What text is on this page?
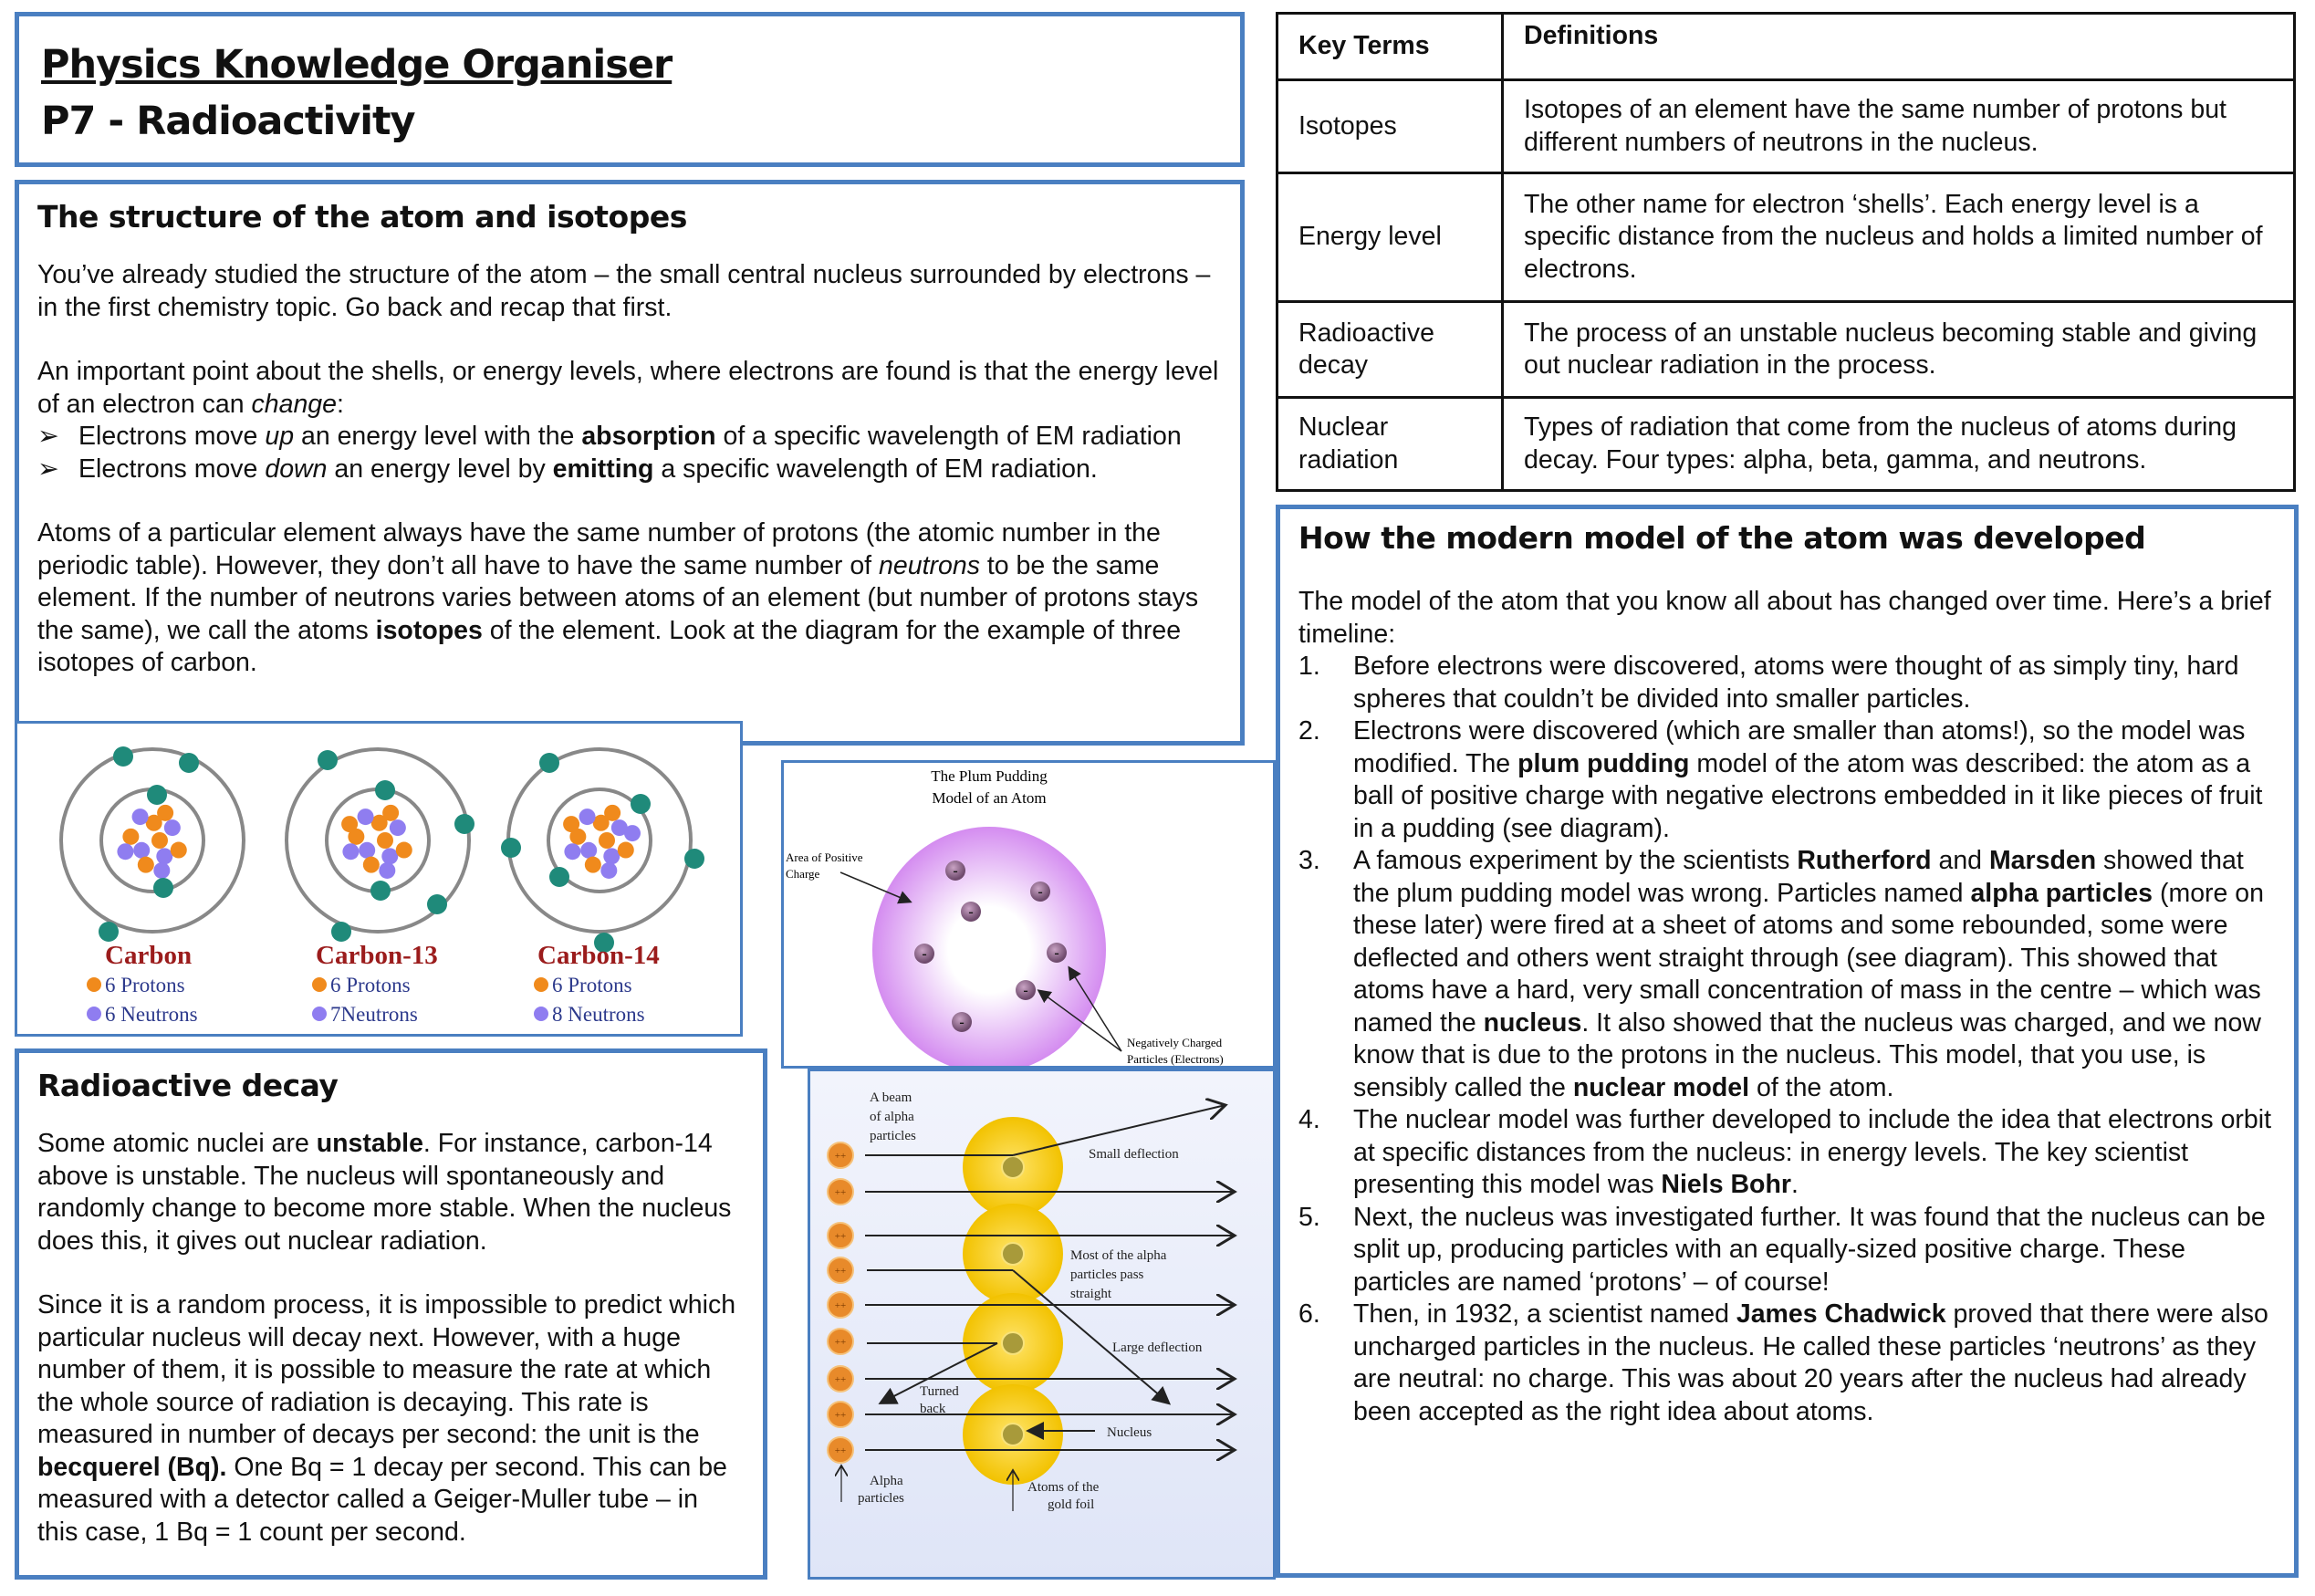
Physics Knowledge Organiser
P7 - Radioactivity
The structure of the atom and isotopes

You’ve already studied the structure of the atom – the small central nucleus surrounded by electrons – in the first chemistry topic. Go back and recap that first.

An important point about the shells, or energy levels, where electrons are found is that the energy level of an electron can change:
➢ Electrons move up an energy level with the absorption of a specific wavelength of EM radiation
➢ Electrons move down an energy level by emitting a specific wavelength of EM radiation.

Atoms of a particular element always have the same number of protons (the atomic number in the periodic table). However, they don’t all have to have the same number of neutrons to be the same element. If the number of neutrons varies between atoms of an element (but number of protons stays the same), we call the atoms isotopes of the element. Look at the diagram for the example of three isotopes of carbon.

Carbon
6 Protons
6 Neutrons
Carbon-13
6 Protons
7Neutrons
Carbon-14
6 Protons
8 Neutrons
The Plum Pudding
Model of an Atom
-
-
-
-	-
-
-
Area of Positive
Charge
Negatively Charged
Particles (Electrons)
++
++
++
++
++
++
++
++
++
A beam
of alpha
particles
Small deflection
Most of the alpha
particles pass
straight
Large deflection
Turned
back
Nucleus
Alpha
particles
Atoms of the
gold foil
Radioactive decay

Some atomic nuclei are unstable. For instance, carbon-14 above is unstable. The nucleus will spontaneously and randomly change to become more stable. When the nucleus does this, it gives out nuclear radiation.

Since it is a random process, it is impossible to predict which particular nucleus will decay next. However, with a huge number of them, it is possible to measure the rate at which the whole source of radiation is decaying. This rate is measured in number of decays per second: the unit is the becquerel (Bq). One Bq = 1 decay per second. This can be measured with a detector called a Geiger-Muller tube – in this case, 1 Bq = 1 count per second.

Key Terms	Definitions
Isotopes	Isotopes of an element have the same number of protons but different numbers of neutrons in the nucleus.
Energy level	The other name for electron ‘shells’. Each energy level is a specific distance from the nucleus and holds a limited number of electrons.
Radioactive decay	The process of an unstable nucleus becoming stable and giving out nuclear radiation in the process.
Nuclear radiation	Types of radiation that come from the nucleus of atoms during decay. Four types: alpha, beta, gamma, and neutrons.
How the modern model of the atom was developed
The model of the atom that you know all about has changed over time. Here’s a brief timeline:
1. Before electrons were discovered, atoms were thought of as simply tiny, hard spheres that couldn’t be divided into smaller particles.
2. Electrons were discovered (which are smaller than atoms!), so the model was modified. The plum pudding model of the atom was described: the atom as a ball of positive charge with negative electrons embedded in it like pieces of fruit in a pudding (see diagram).
3. A famous experiment by the scientists Rutherford and Marsden showed that the plum pudding model was wrong. Particles named alpha particles (more on these later) were fired at a sheet of atoms and some rebounded, some were deflected and others went straight through (see diagram). This showed that atoms have a hard, very small concentration of mass in the centre – which was named the nucleus. It also showed that the nucleus was charged, and we now know that is due to the protons in the nucleus. This model, that you use, is sensibly called the nuclear model of the atom.
4. The nuclear model was further developed to include the idea that electrons orbit at specific distances from the nucleus: in energy levels. The key scientist presenting this model was Niels Bohr.
5. Next, the nucleus was investigated further. It was found that the nucleus can be split up, producing particles with an equally-sized positive charge. These particles are named ‘protons’ – of course!
6. Then, in 1932, a scientist named James Chadwick proved that there were also uncharged particles in the nucleus. He called these particles ‘neutrons’ as they are neutral: no charge. This was about 20 years after the nucleus had already been accepted as the right idea about atoms.
